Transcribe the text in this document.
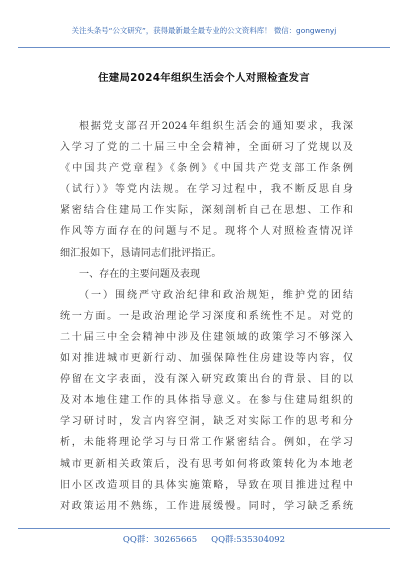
关注头条号“公文研究”，获得最新最全最专业的公文资料库！ 微信：gongwenyj
住建局2024年组织生活会个人对照检查发言
根据党支部召开2024年组织生活会的通知要求，我深
入学习了党的二十届三中全会精神，全面研习了党规以及
《中国共产党章程》《条例》《中国共产党支部工作条例
（试行）》等党内法规。在学习过程中，我不断反思自身
紧密结合住建局工作实际，深刻剖析自己在思想、工作和
作风等方面存在的问题与不足。现将个人对照检查情况详
细汇报如下，恳请同志们批评指正。
一、存在的主要问题及表现
（一）围绕严守政治纪律和政治规矩，维护党的团结
统一方面。一是政治理论学习深度和系统性不足。对党的
二十届三中全会精神中涉及住建领域的政策学习不够深入
如对推进城市更新行动、加强保障性住房建设等内容，仅
停留在文字表面，没有深入研究政策出台的背景、目的以
及对本地住建工作的具体指导意义。在参与住建局组织的
学习研讨时，发言内容空洞，缺乏对实际工作的思考和分
析，未能将理论学习与日常工作紧密结合。例如，在学习
城市更新相关政策后，没有思考如何将政策转化为本地老
旧小区改造项目的具体实施策略，导致在项目推进过程中
对政策运用不熟练，工作进展缓慢。同时，学习缺乏系统
QQ群：30265665 QQ群:535304092
